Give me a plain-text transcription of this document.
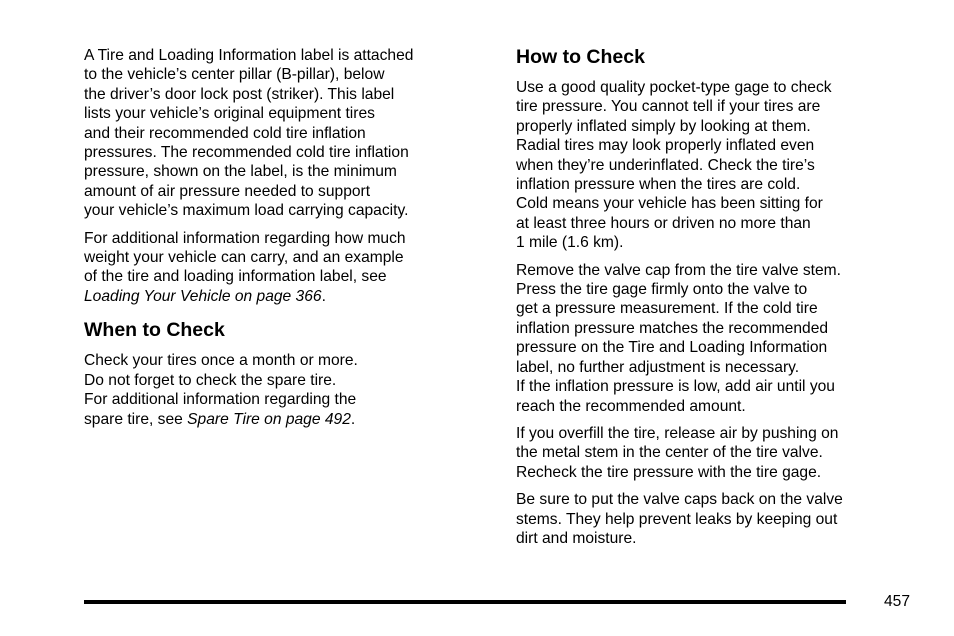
A Tire and Loading Information label is attached
to the vehicle’s center pillar (B-pillar), below
the driver’s door lock post (striker). This label
lists your vehicle’s original equipment tires
and their recommended cold tire inflation
pressures. The recommended cold tire inflation
pressure, shown on the label, is the minimum
amount of air pressure needed to support
your vehicle’s maximum load carrying capacity.

For additional information regarding how much
weight your vehicle can carry, and an example
of the tire and loading information label, see
Loading Your Vehicle on page 366.

When to Check

Check your tires once a month or more.
Do not forget to check the spare tire.
For additional information regarding the
spare tire, see Spare Tire on page 492.

How to Check

Use a good quality pocket-type gage to check
tire pressure. You cannot tell if your tires are
properly inflated simply by looking at them.
Radial tires may look properly inflated even
when they’re underinflated. Check the tire’s
inflation pressure when the tires are cold.
Cold means your vehicle has been sitting for
at least three hours or driven no more than
1 mile (1.6 km).

Remove the valve cap from the tire valve stem.
Press the tire gage firmly onto the valve to
get a pressure measurement. If the cold tire
inflation pressure matches the recommended
pressure on the Tire and Loading Information
label, no further adjustment is necessary.
If the inflation pressure is low, add air until you
reach the recommended amount.

If you overfill the tire, release air by pushing on
the metal stem in the center of the tire valve.
Recheck the tire pressure with the tire gage.

Be sure to put the valve caps back on the valve
stems. They help prevent leaks by keeping out
dirt and moisture.

457
